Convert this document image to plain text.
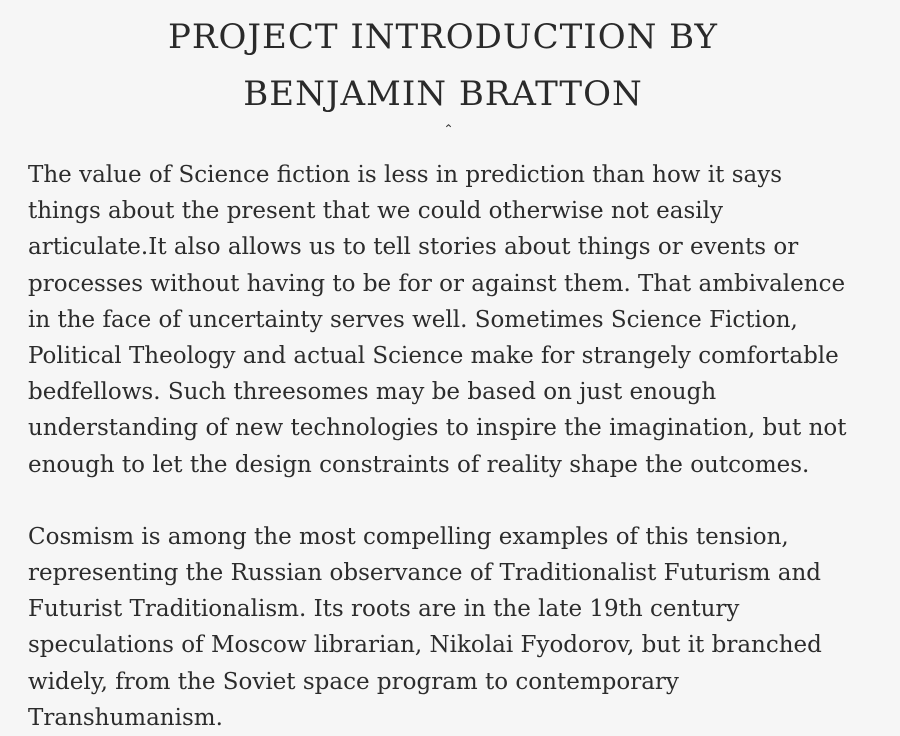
PROJECT INTRODUCTION BY
BENJAMIN BRATTON
⌃

The value of Science fiction is less in prediction than how it says things about the present that we could otherwise not easily articulate.It also allows us to tell stories about things or events or processes without having to be for or against them. That ambivalence in the face of uncertainty serves well. Sometimes Science Fiction, Political Theology and actual Science make for strangely comfortable bedfellows. Such threesomes may be based on just enough understanding of new technologies to inspire the imagination, but not enough to let the design constraints of reality shape the outcomes.

Cosmism is among the most compelling examples of this tension, representing the Russian observance of Traditionalist Futurism and Futurist Traditionalism. Its roots are in the late 19th century speculations of Moscow librarian, Nikolai Fyodorov, but it branched widely, from the Soviet space program to contemporary Transhumanism.
